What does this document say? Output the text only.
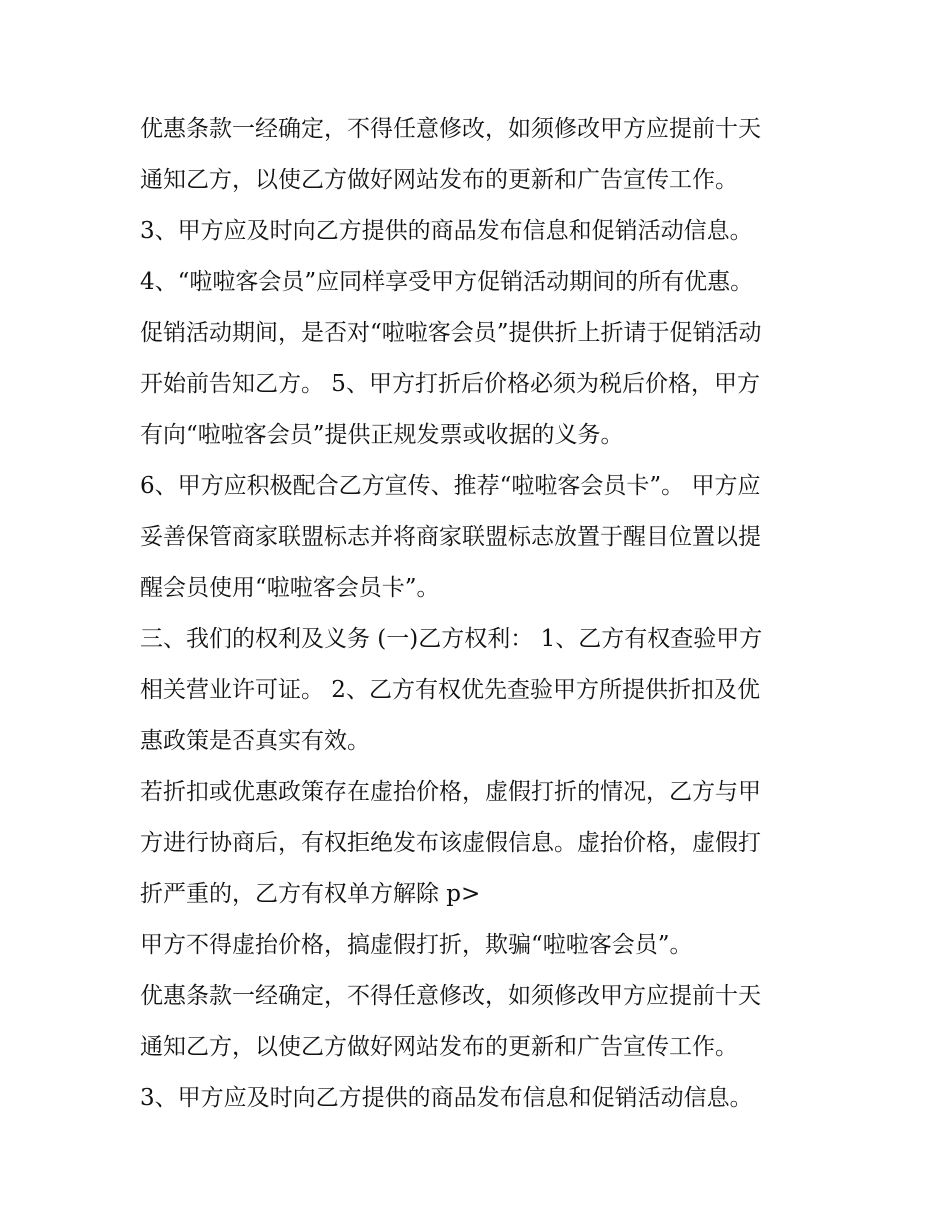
优惠条款一经确定，不得任意修改，如须修改甲方应提前十天
通知乙方，以使乙方做好网站发布的更新和广告宣传工作。

3、甲方应及时向乙方提供的商品发布信息和促销活动信息。

4、“啦啦客会员”应同样享受甲方促销活动期间的所有优惠。
促销活动期间，是否对“啦啦客会员”提供折上折请于促销活动
开始前告知乙方。 5、甲方打折后价格必须为税后价格，甲方
有向“啦啦客会员”提供正规发票或收据的义务。

6、甲方应积极配合乙方宣传、推荐“啦啦客会员卡”。 甲方应
妥善保管商家联盟标志并将商家联盟标志放置于醒目位置以提
醒会员使用“啦啦客会员卡”。

三、我们的权利及义务 (一)乙方权利： 1、乙方有权查验甲方
相关营业许可证。 2、乙方有权优先查验甲方所提供折扣及优
惠政策是否真实有效。

若折扣或优惠政策存在虚抬价格，虚假打折的情况，乙方与甲
方进行协商后，有权拒绝发布该虚假信息。虚抬价格，虚假打
折严重的，乙方有权单方解除 p>

甲方不得虚抬价格，搞虚假打折，欺骗“啦啦客会员”。

优惠条款一经确定，不得任意修改，如须修改甲方应提前十天
通知乙方，以使乙方做好网站发布的更新和广告宣传工作。

3、甲方应及时向乙方提供的商品发布信息和促销活动信息。
